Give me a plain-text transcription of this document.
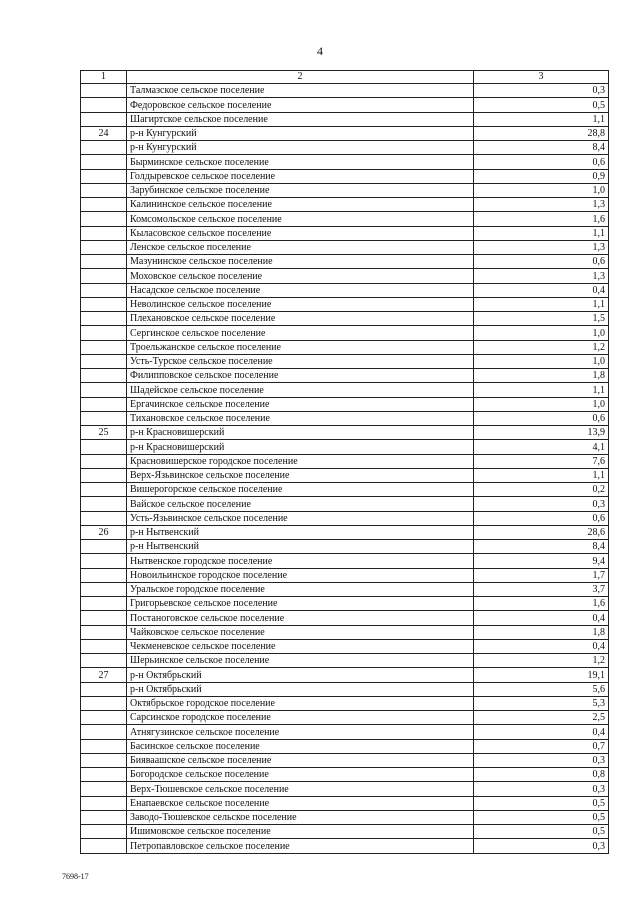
4
1	2	3
	Талмазское сельское поселение	0,3
	Федоровское сельское поселение	0,5
	Шагиртское сельское поселение	1,1
24	р-н Кунгурский	28,8
	р-н Кунгурский	8,4
	Бырминское сельское поселение	0,6
	Голдыревское сельское поселение	0,9
	Зарубинское сельское поселение	1,0
	Калининское сельское поселение	1,3
	Комсомольское сельское поселение	1,6
	Кыласовское сельское поселение	1,1
	Ленское сельское поселение	1,3
	Мазунинское сельское поселение	0,6
	Моховское сельское поселение	1,3
	Насадское сельское поселение	0,4
	Неволинское сельское поселение	1,1
	Плехановское сельское поселение	1,5
	Сергинское сельское поселение	1,0
	Троельжанское сельское поселение	1,2
	Усть-Турское сельское поселение	1,0
	Филипповское сельское поселение	1,8
	Шадейское сельское поселение	1,1
	Ергачинское сельское поселение	1,0
	Тихановское сельское поселение	0,6
25	р-н Красновишерский	13,9
	р-н Красновишерский	4,1
	Красновишерское городское поселение	7,6
	Верх-Язьвинское сельское поселение	1,1
	Вишерогорское сельское поселение	0,2
	Вайское сельское поселение	0,3
	Усть-Язьвинское сельское поселение	0,6
26	р-н Нытвенский	28,6
	р-н Нытвенский	8,4
	Нытвенское городское поселение	9,4
	Новоильинское городское поселение	1,7
	Уральское городское поселение	3,7
	Григорьевское сельское поселение	1,6
	Постаноговское сельское поселение	0,4
	Чайковское сельское поселение	1,8
	Чекменевское сельское поселение	0,4
	Шерьинское сельское поселение	1,2
27	р-н Октябрьский	19,1
	р-н Октябрьский	5,6
	Октябрьское городское поселение	5,3
	Сарсинское городское поселение	2,5
	Атнягузинское сельское поселение	0,4
	Басинское сельское поселение	0,7
	Бияваашское сельское поселение	0,3
	Богородское сельское поселение	0,8
	Верх-Тюшевское сельское поселение	0,3
	Енапаевское сельское поселение	0,5
	Заводо-Тюшевское сельское поселение	0,5
	Ишимовское сельское поселение	0,5
	Петропавловское сельское поселение	0,3
7698-17
